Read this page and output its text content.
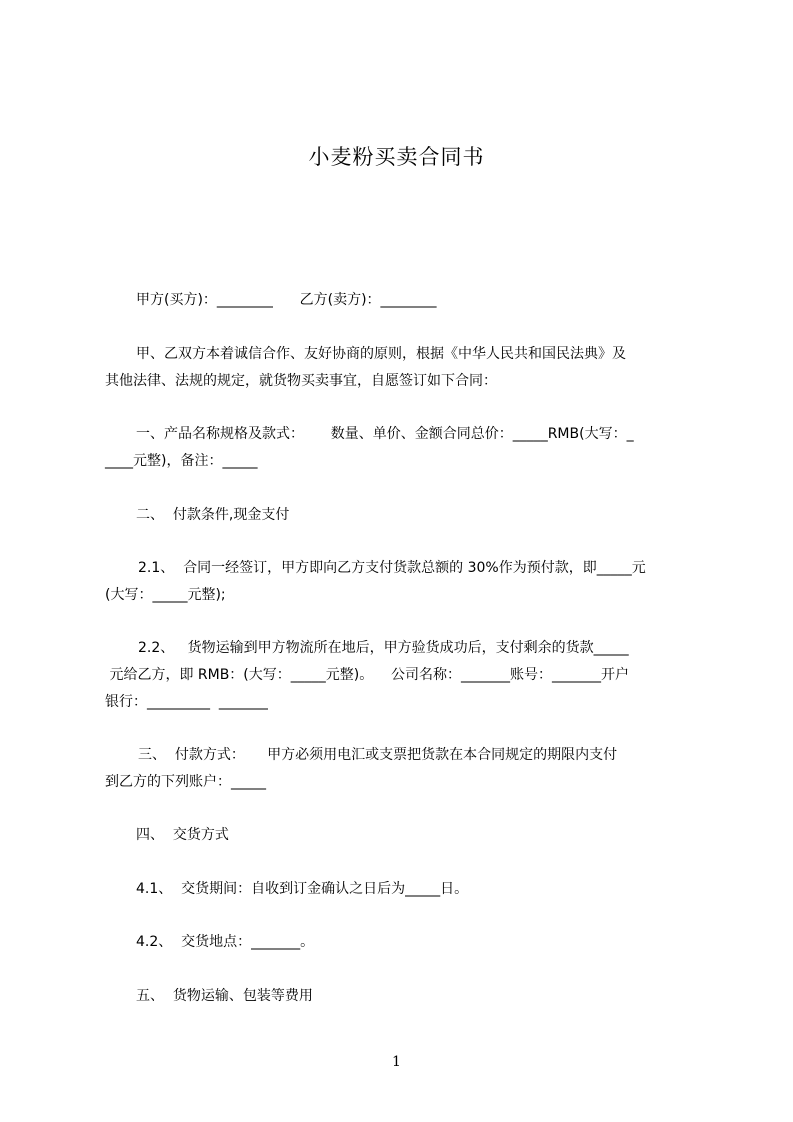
小麦粉买卖合同书
甲方(买方)：________      乙方(卖方)：________
甲、乙双方本着诚信合作、友好协商的原则，根据《中华人民共和国民法典》及
其他法律、法规的规定，就货物买卖事宜，自愿签订如下合同：
一、产品名称规格及款式：      数量、单价、金额合同总价：_____RMB(大写：_
____元整)，备注：_____
二、  付款条件,现金支付
2.1、  合同一经签订，甲方即向乙方支付货款总额的 30%作为预付款，即_____元
(大写：_____元整);
2.2、   货物运输到甲方物流所在地后，甲方验货成功后，支付剩余的货款_____
元给乙方，即 RMB：(大写：_____元整)。    公司名称：_______账号：_______开户
银行：_________  _______
三、  付款方式：     甲方必须用电汇或支票把货款在本合同规定的期限内支付
到乙方的下列账户：_____
四、  交货方式
4.1、  交货期间：自收到订金确认之日后为_____日。
4.2、  交货地点：_______。
五、  货物运输、包装等费用
1
